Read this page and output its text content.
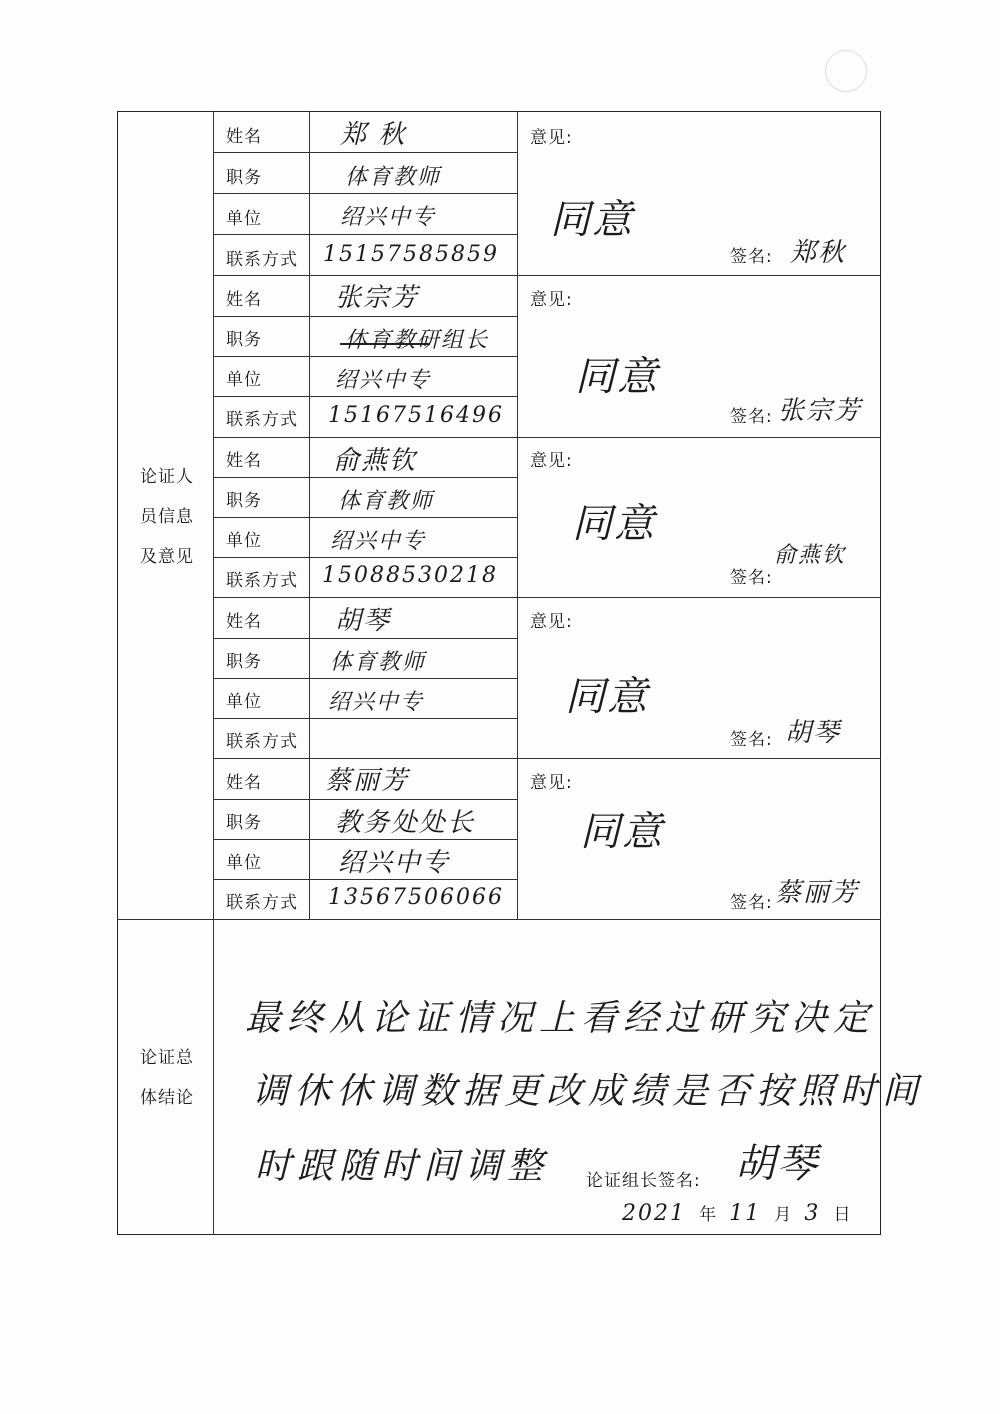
论证人
员信息
及意见
论证总
体结论
姓名
职务
单位
联系方式
郑 秋
体育教师
绍兴中专
15157585859
意见:
同意
签名: 郑秋
姓名
职务
单位
联系方式
张宗芳
体育教研组长
绍兴中专
15167516496
意见:
同意
签名: 张宗芳
姓名
职务
单位
联系方式
俞燕钦
体育教师
绍兴中专
15088530218
意见:
同意
签名:
俞燕钦
姓名
职务
单位
联系方式
胡琴
体育教师
绍兴中专
意见:
同意
签名: 胡琴
姓名
职务
单位
联系方式
蔡丽芳
教务处处长
绍兴中专
13567506066
意见:
同意
签名: 蔡丽芳
最终从论证情况上看经过研究决定
调休休调数据更改成绩是否按照时间
时跟随时间调整 论证组长签名: 胡琴
2021 年 11 月 3 日
